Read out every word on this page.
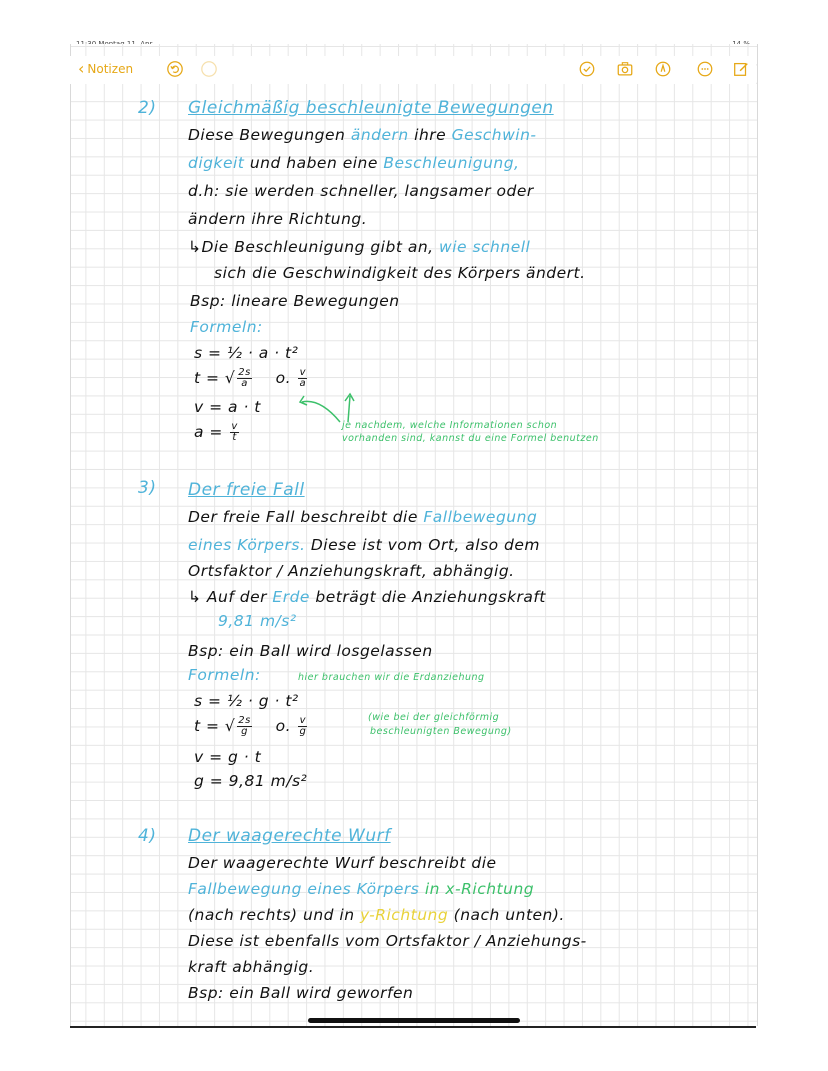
‹ Notizen
2) Gleichmäßig beschleunigte Bewegungen
Diese Bewegungen ändern ihre Geschwin-
digkeit und haben eine Beschleunigung,
d.h: sie werden schneller, langsamer oder
ändern ihre Richtung.
↳Die Beschleunigung gibt an, wie schnell
sich die Geschwindigkeit des Körpers ändert.
Bsp: lineare Bewegungen
Formeln:
s = ½ · a · t²
t = √ $\frac{2s}{a} o$. $\frac{v}{a}$
v = a · t
$a = \frac{v}{t}$	je nachdem, welche Informationen schon
vorhanden sind, kannst du eine Formel benutzen
3) Der freie Fall
Der freie Fall beschreibt die Fallbewegung
eines Körpers. Diese ist vom Ort, also dem
Ortsfaktor / Anziehungskraft, abhängig.
↳ Auf der Erde beträgt die Anziehungskraft
9,81 m/s²
Bsp: ein Ball wird losgelassen
Formeln:	hier brauchen wir die Erdanziehung
s = ½ · g · t²
t = √ $\frac{2s}{g} o$. $\frac{v}{g}$	(wie bei der gleichförmig
beschleunigten Bewegung)
v = g · t
g = 9,81 m/s²
4) Der waagerechte Wurf
Der waagerechte Wurf beschreibt die
Fallbewegung eines Körpers in x-Richtung
(nach rechts) und in y-Richtung (nach unten).
Diese ist ebenfalls vom Ortsfaktor / Anziehungs-
kraft abhängig.
Bsp: ein Ball wird geworfen
